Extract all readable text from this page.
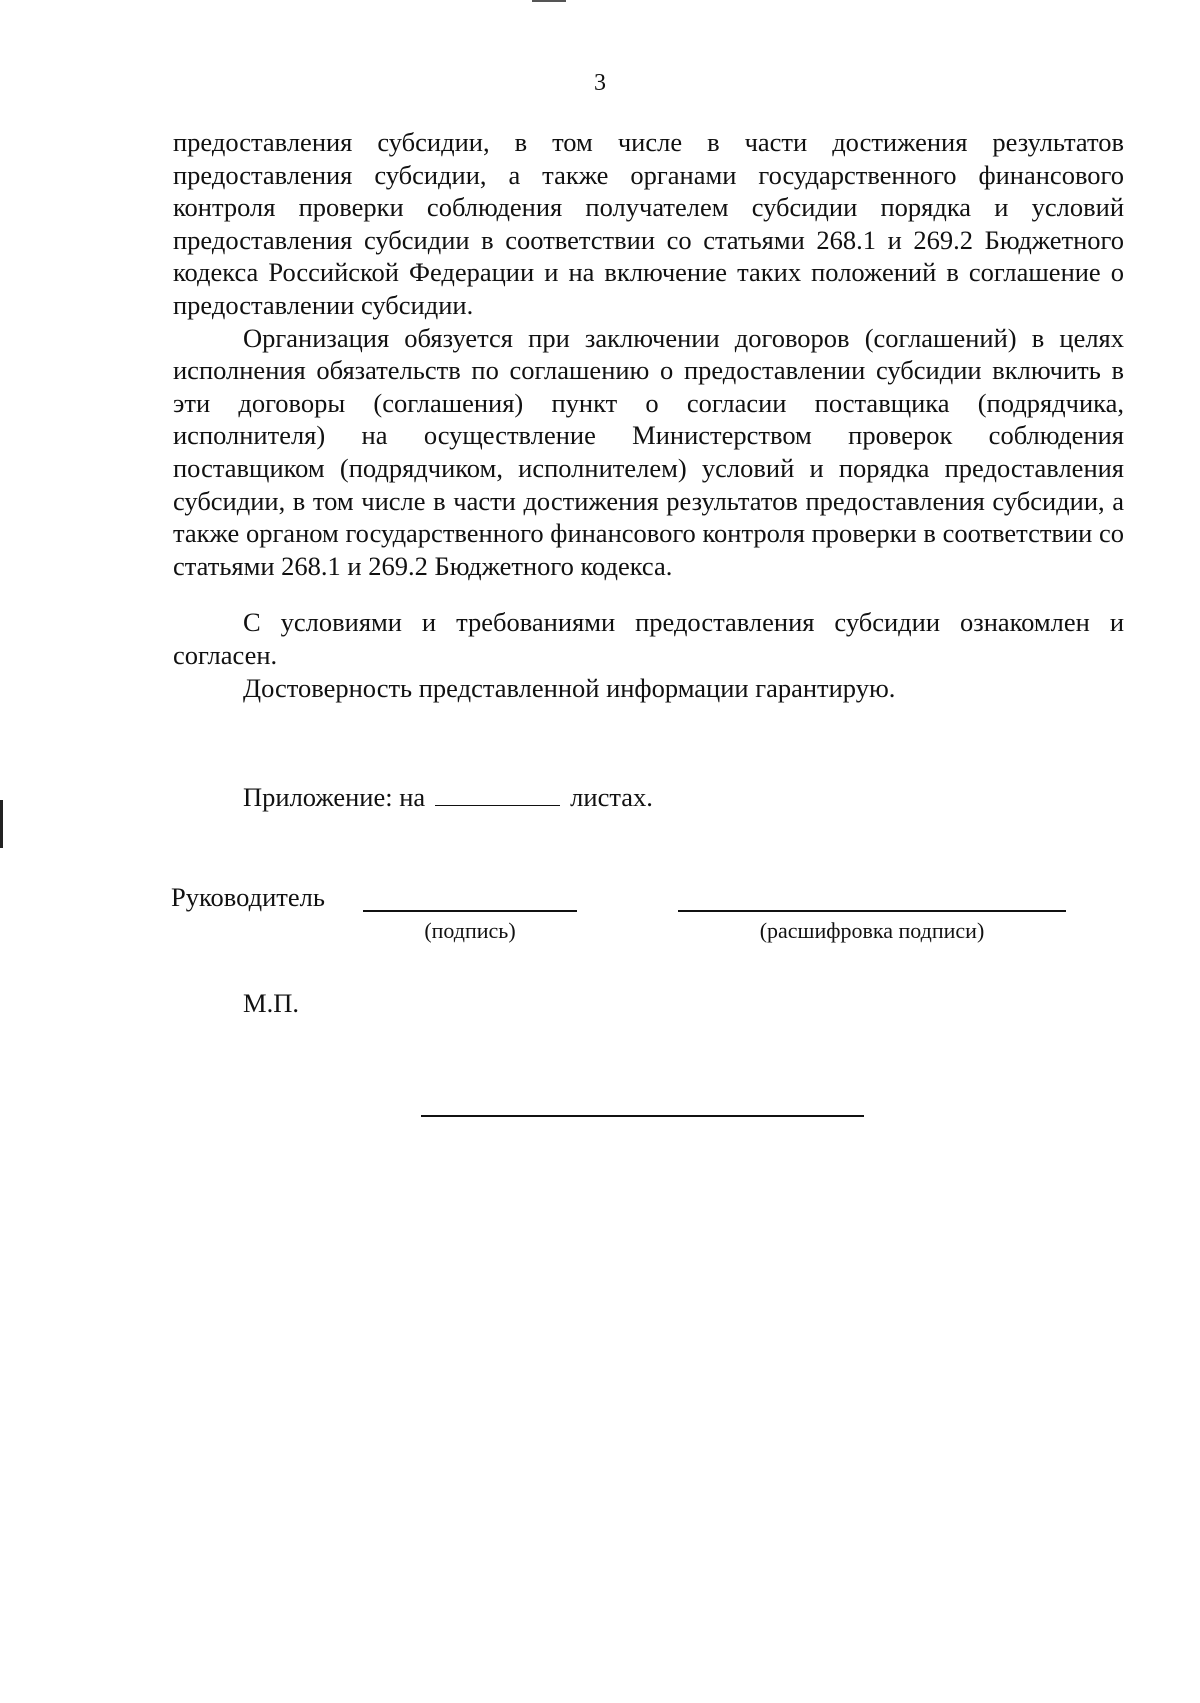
3

предоставления субсидии, в том числе в части достижения результатов предоставления субсидии, а также органами государственного финансового контроля проверки соблюдения получателем субсидии порядка и условий предоставления субсидии в соответствии со статьями 268.1 и 269.2 Бюджетного кодекса Российской Федерации и на включение таких положений в соглашение о предоставлении субсидии.

Организация обязуется при заключении договоров (соглашений) в целях исполнения обязательств по соглашению о предоставлении субсидии включить в эти договоры (соглашения) пункт о согласии поставщика (подрядчика, исполнителя) на осуществление Министерством проверок соблюдения поставщиком (подрядчиком, исполнителем) условий и порядка предоставления субсидии, в том числе в части достижения результатов предоставления субсидии, а также органом государственного финансового контроля проверки в соответствии со статьями 268.1 и 269.2 Бюджетного кодекса.

С условиями и требованиями предоставления субсидии ознакомлен и согласен.

Достоверность представленной информации гарантирую.

Приложение: на	листах.
Руководитель
(подпись)	(расшифровка подписи)
М.П.
